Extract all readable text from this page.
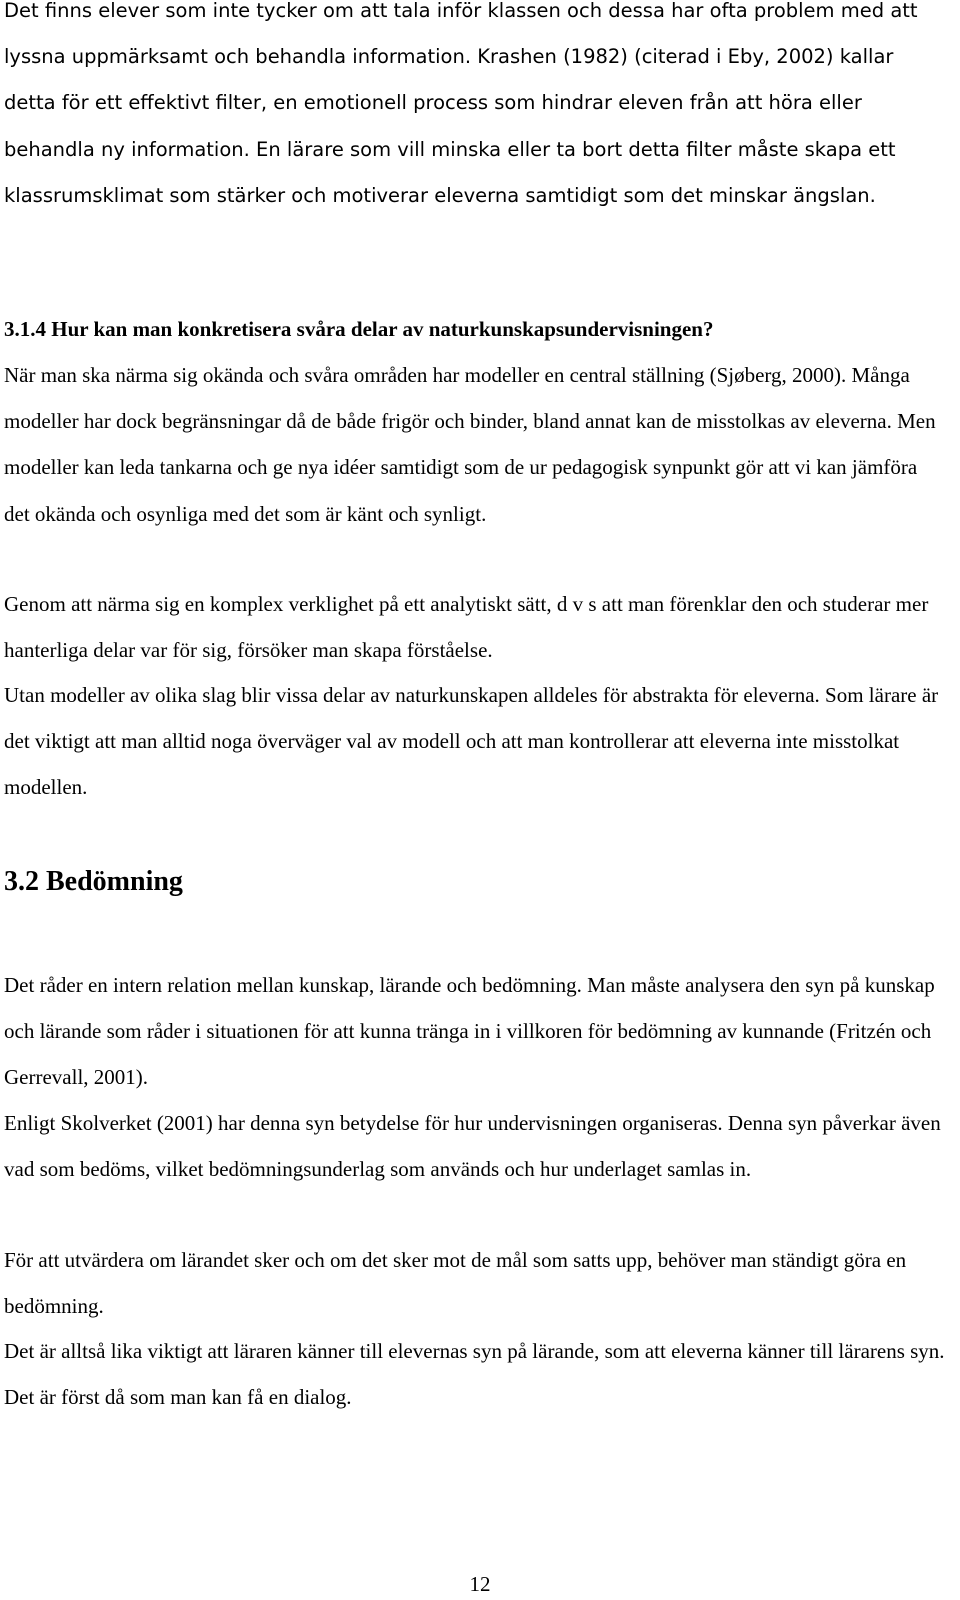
Det finns elever som inte tycker om att tala inför klassen och dessa har ofta problem med att lyssna uppmärksamt och behandla information. Krashen (1982) (citerad i Eby, 2002) kallar detta för ett effektivt filter, en emotionell process som hindrar eleven från att höra eller behandla ny information. En lärare som vill minska eller ta bort detta filter måste skapa ett klassrumsklimat som stärker och motiverar eleverna samtidigt som det minskar ängslan.

3.1.4 Hur kan man konkretisera svåra delar av naturkunskapsundervisningen?

När man ska närma sig okända och svåra områden har modeller en central ställning (Sjøberg, 2000). Många modeller har dock begränsningar då de både frigör och binder, bland annat kan de misstolkas av eleverna. Men modeller kan leda tankarna och ge nya idéer samtidigt som de ur pedagogisk synpunkt gör att vi kan jämföra det okända och osynliga med det som är känt och synligt.

Genom att närma sig en komplex verklighet på ett analytiskt sätt, d v s att man förenklar den och studerar mer hanterliga delar var för sig, försöker man skapa förståelse.

Utan modeller av olika slag blir vissa delar av naturkunskapen alldeles för abstrakta för eleverna. Som lärare är det viktigt att man alltid noga överväger val av modell och att man kontrollerar att eleverna inte misstolkat modellen.

3.2 Bedömning

Det råder en intern relation mellan kunskap, lärande och bedömning. Man måste analysera den syn på kunskap och lärande som råder i situationen för att kunna tränga in i villkoren för bedömning av kunnande (Fritzén och Gerrevall, 2001).

Enligt Skolverket (2001) har denna syn betydelse för hur undervisningen organiseras. Denna syn påverkar även vad som bedöms, vilket bedömningsunderlag som används och hur underlaget samlas in.

För att utvärdera om lärandet sker och om det sker mot de mål som satts upp, behöver man ständigt göra en bedömning.

Det är alltså lika viktigt att läraren känner till elevernas syn på lärande, som att eleverna känner till lärarens syn. Det är först då som man kan få en dialog.

12
